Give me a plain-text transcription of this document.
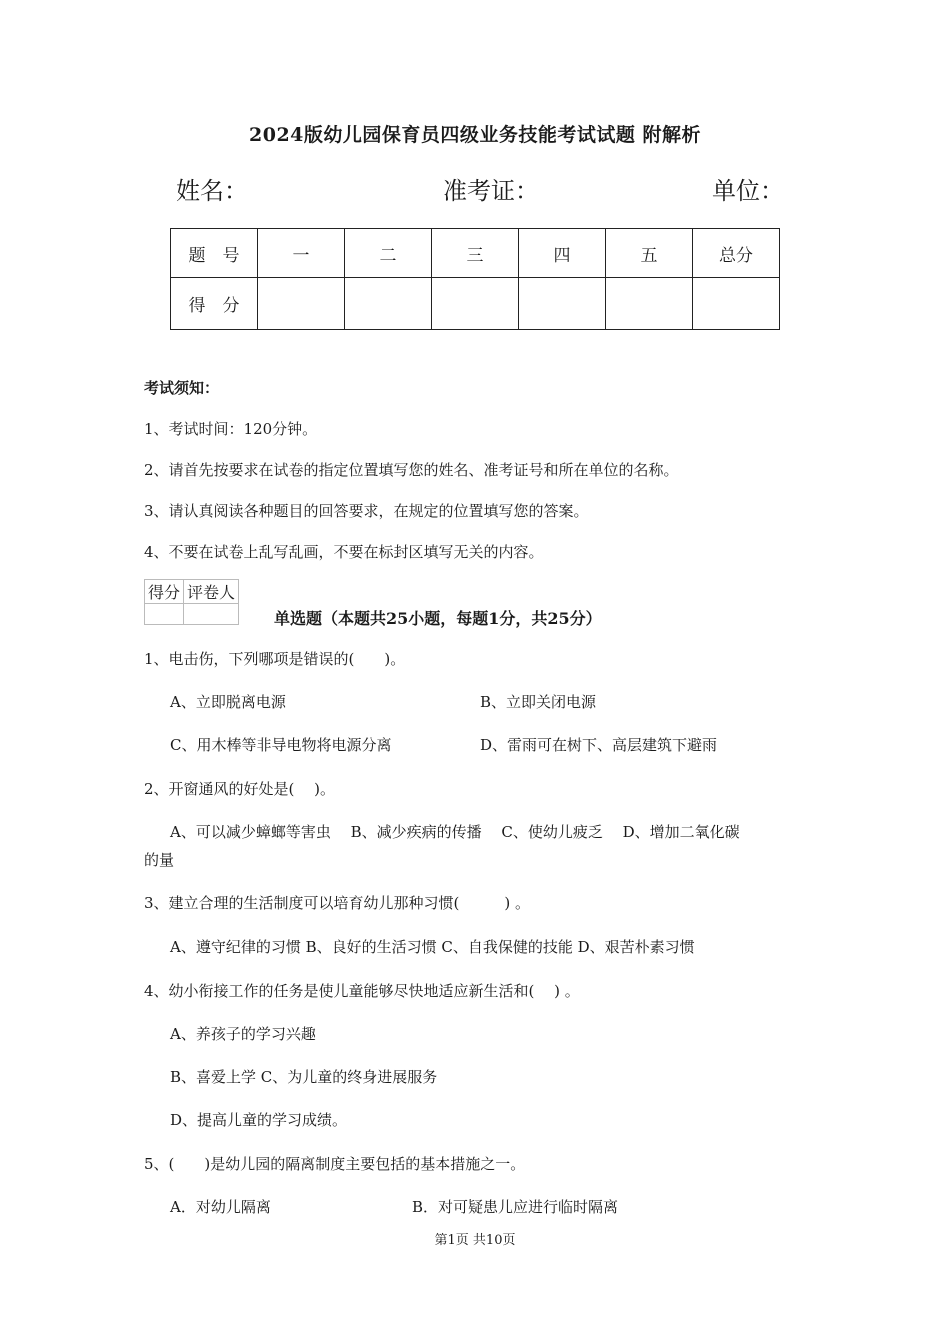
2024版幼儿园保育员四级业务技能考试试题 附解析
姓名：	准考证：	单位：
题　号	一	二	三	四	五	总分
得　分						
考试须知：
1、考试时间：120分钟。
2、请首先按要求在试卷的指定位置填写您的姓名、准考证号和所在单位的名称。
3、请认真阅读各种题目的回答要求，在规定的位置填写您的答案。
4、不要在试卷上乱写乱画，不要在标封区填写无关的内容。
得分	评卷人

单选题（本题共25小题，每题1分，共25分）
1、电击伤，下列哪项是错误的(　　)。
A、立即脱离电源	B、立即关闭电源
C、用木棒等非导电物将电源分离	D、雷雨可在树下、高层建筑下避雨
2、开窗通风的好处是(　 )。
A、可以减少蟑螂等害虫　 B、减少疾病的传播　 C、使幼儿疲乏　 D、增加二氧化碳
的量
3、建立合理的生活制度可以培育幼儿那种习惯(　　　) 。
A、遵守纪律的习惯 B、良好的生活习惯 C、自我保健的技能 D、艰苦朴素习惯
4、幼小衔接工作的任务是使儿童能够尽快地适应新生活和(　 ) 。
A、养孩子的学习兴趣
B、喜爱上学 C、为儿童的终身进展服务
D、提高儿童的学习成绩。
5、(　　)是幼儿园的隔离制度主要包括的基本措施之一。
A．对幼儿隔离	B．对可疑患儿应进行临时隔离
第1页 共10页
